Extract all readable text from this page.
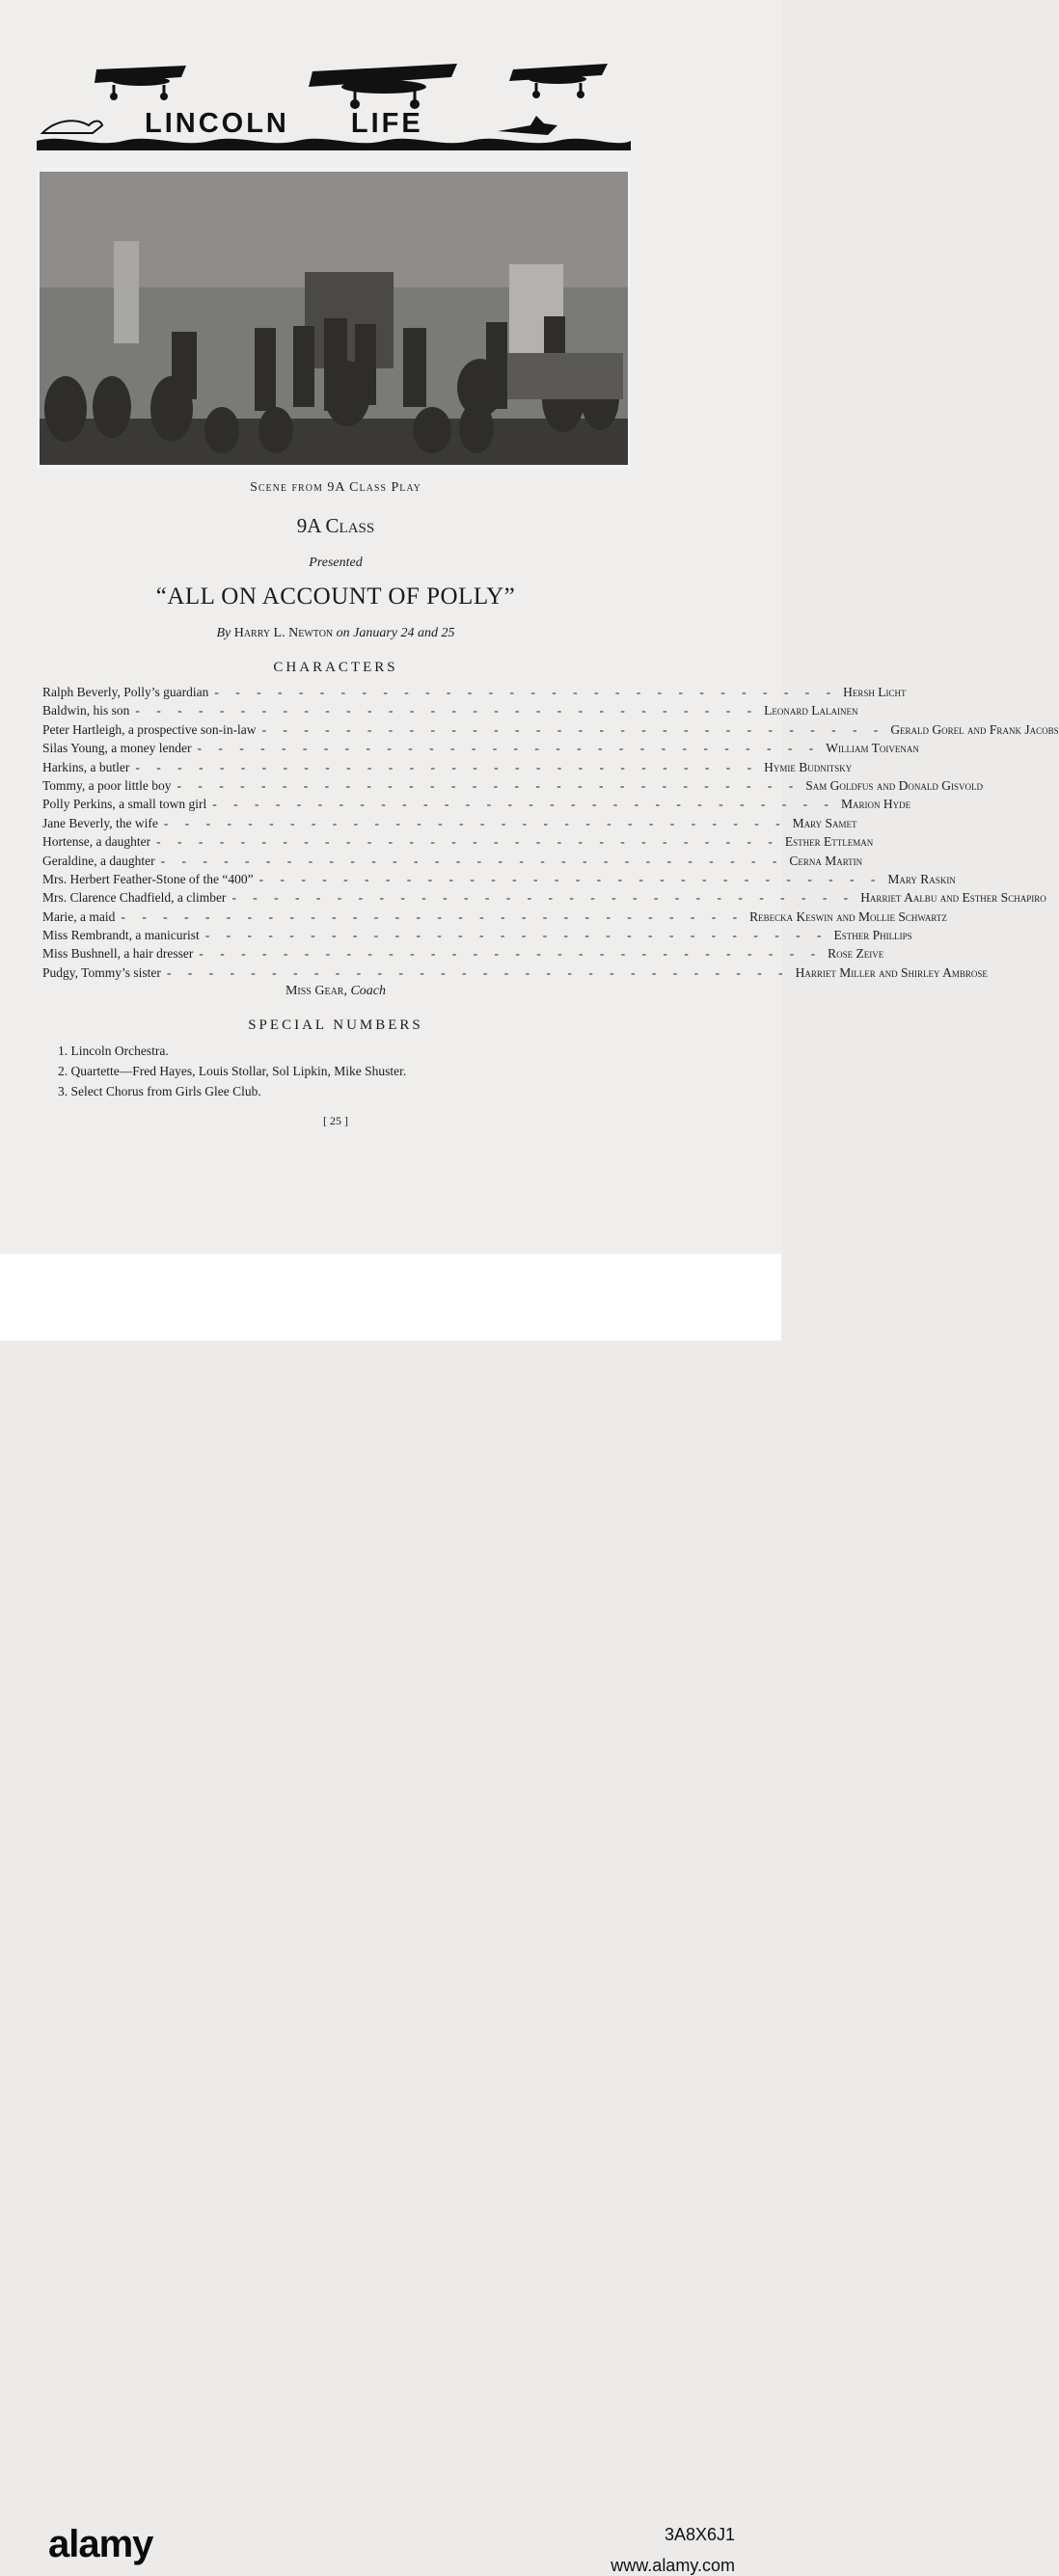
LINCOLN LIFE
Scene from 9A Class Play
9A Class
Presented
“ALL ON ACCOUNT OF POLLY”
By Harry L. Newton on January 24 and 25
CHARACTERS
Ralph Beverly, Polly’s guardian - - - - - - - - - - - - - - - - - - - - - - - - - - - - - - Hersh Licht
Baldwin, his son - - - - - - - - - - - - - - - - - - - - - - - - - - - - - - Leonard Lalainen
Peter Hartleigh, a prospective son-in-law - - - - - - - - - - - - - - - - - - - - - - - - - - - - - - Gerald Gorel and Frank Jacobs
Silas Young, a money lender - - - - - - - - - - - - - - - - - - - - - - - - - - - - - - William Toivenan
Harkins, a butler - - - - - - - - - - - - - - - - - - - - - - - - - - - - - - Hymie Budnitsky
Tommy, a poor little boy - - - - - - - - - - - - - - - - - - - - - - - - - - - - - - Sam Goldfus and Donald Gisvold
Polly Perkins, a small town girl - - - - - - - - - - - - - - - - - - - - - - - - - - - - - - Marion Hyde
Jane Beverly, the wife - - - - - - - - - - - - - - - - - - - - - - - - - - - - - - Mary Samet
Hortense, a daughter - - - - - - - - - - - - - - - - - - - - - - - - - - - - - - Esther Ettleman
Geraldine, a daughter - - - - - - - - - - - - - - - - - - - - - - - - - - - - - - Cerna Martin
Mrs. Herbert Feather-Stone of the “400” - - - - - - - - - - - - - - - - - - - - - - - - - - - - - - Mary Raskin
Mrs. Clarence Chadfield, a climber - - - - - - - - - - - - - - - - - - - - - - - - - - - - - - Harriet Aalbu and Esther Schapiro
Marie, a maid - - - - - - - - - - - - - - - - - - - - - - - - - - - - - - Rebecka Keswin and Mollie Schwartz
Miss Rembrandt, a manicurist - - - - - - - - - - - - - - - - - - - - - - - - - - - - - - Esther Phillips
Miss Bushnell, a hair dresser - - - - - - - - - - - - - - - - - - - - - - - - - - - - - - Rose Zeive
Pudgy, Tommy’s sister - - - - - - - - - - - - - - - - - - - - - - - - - - - - - - Harriet Miller and Shirley Ambrose
Miss Gear, Coach
SPECIAL NUMBERS
1. Lincoln Orchestra.
2. Quartette—Fred Hayes, Louis Stollar, Sol Lipkin, Mike Shuster.
3. Select Chorus from Girls Glee Club.
[ 25 ]
alamy	3A8X6J1
www.alamy.com
